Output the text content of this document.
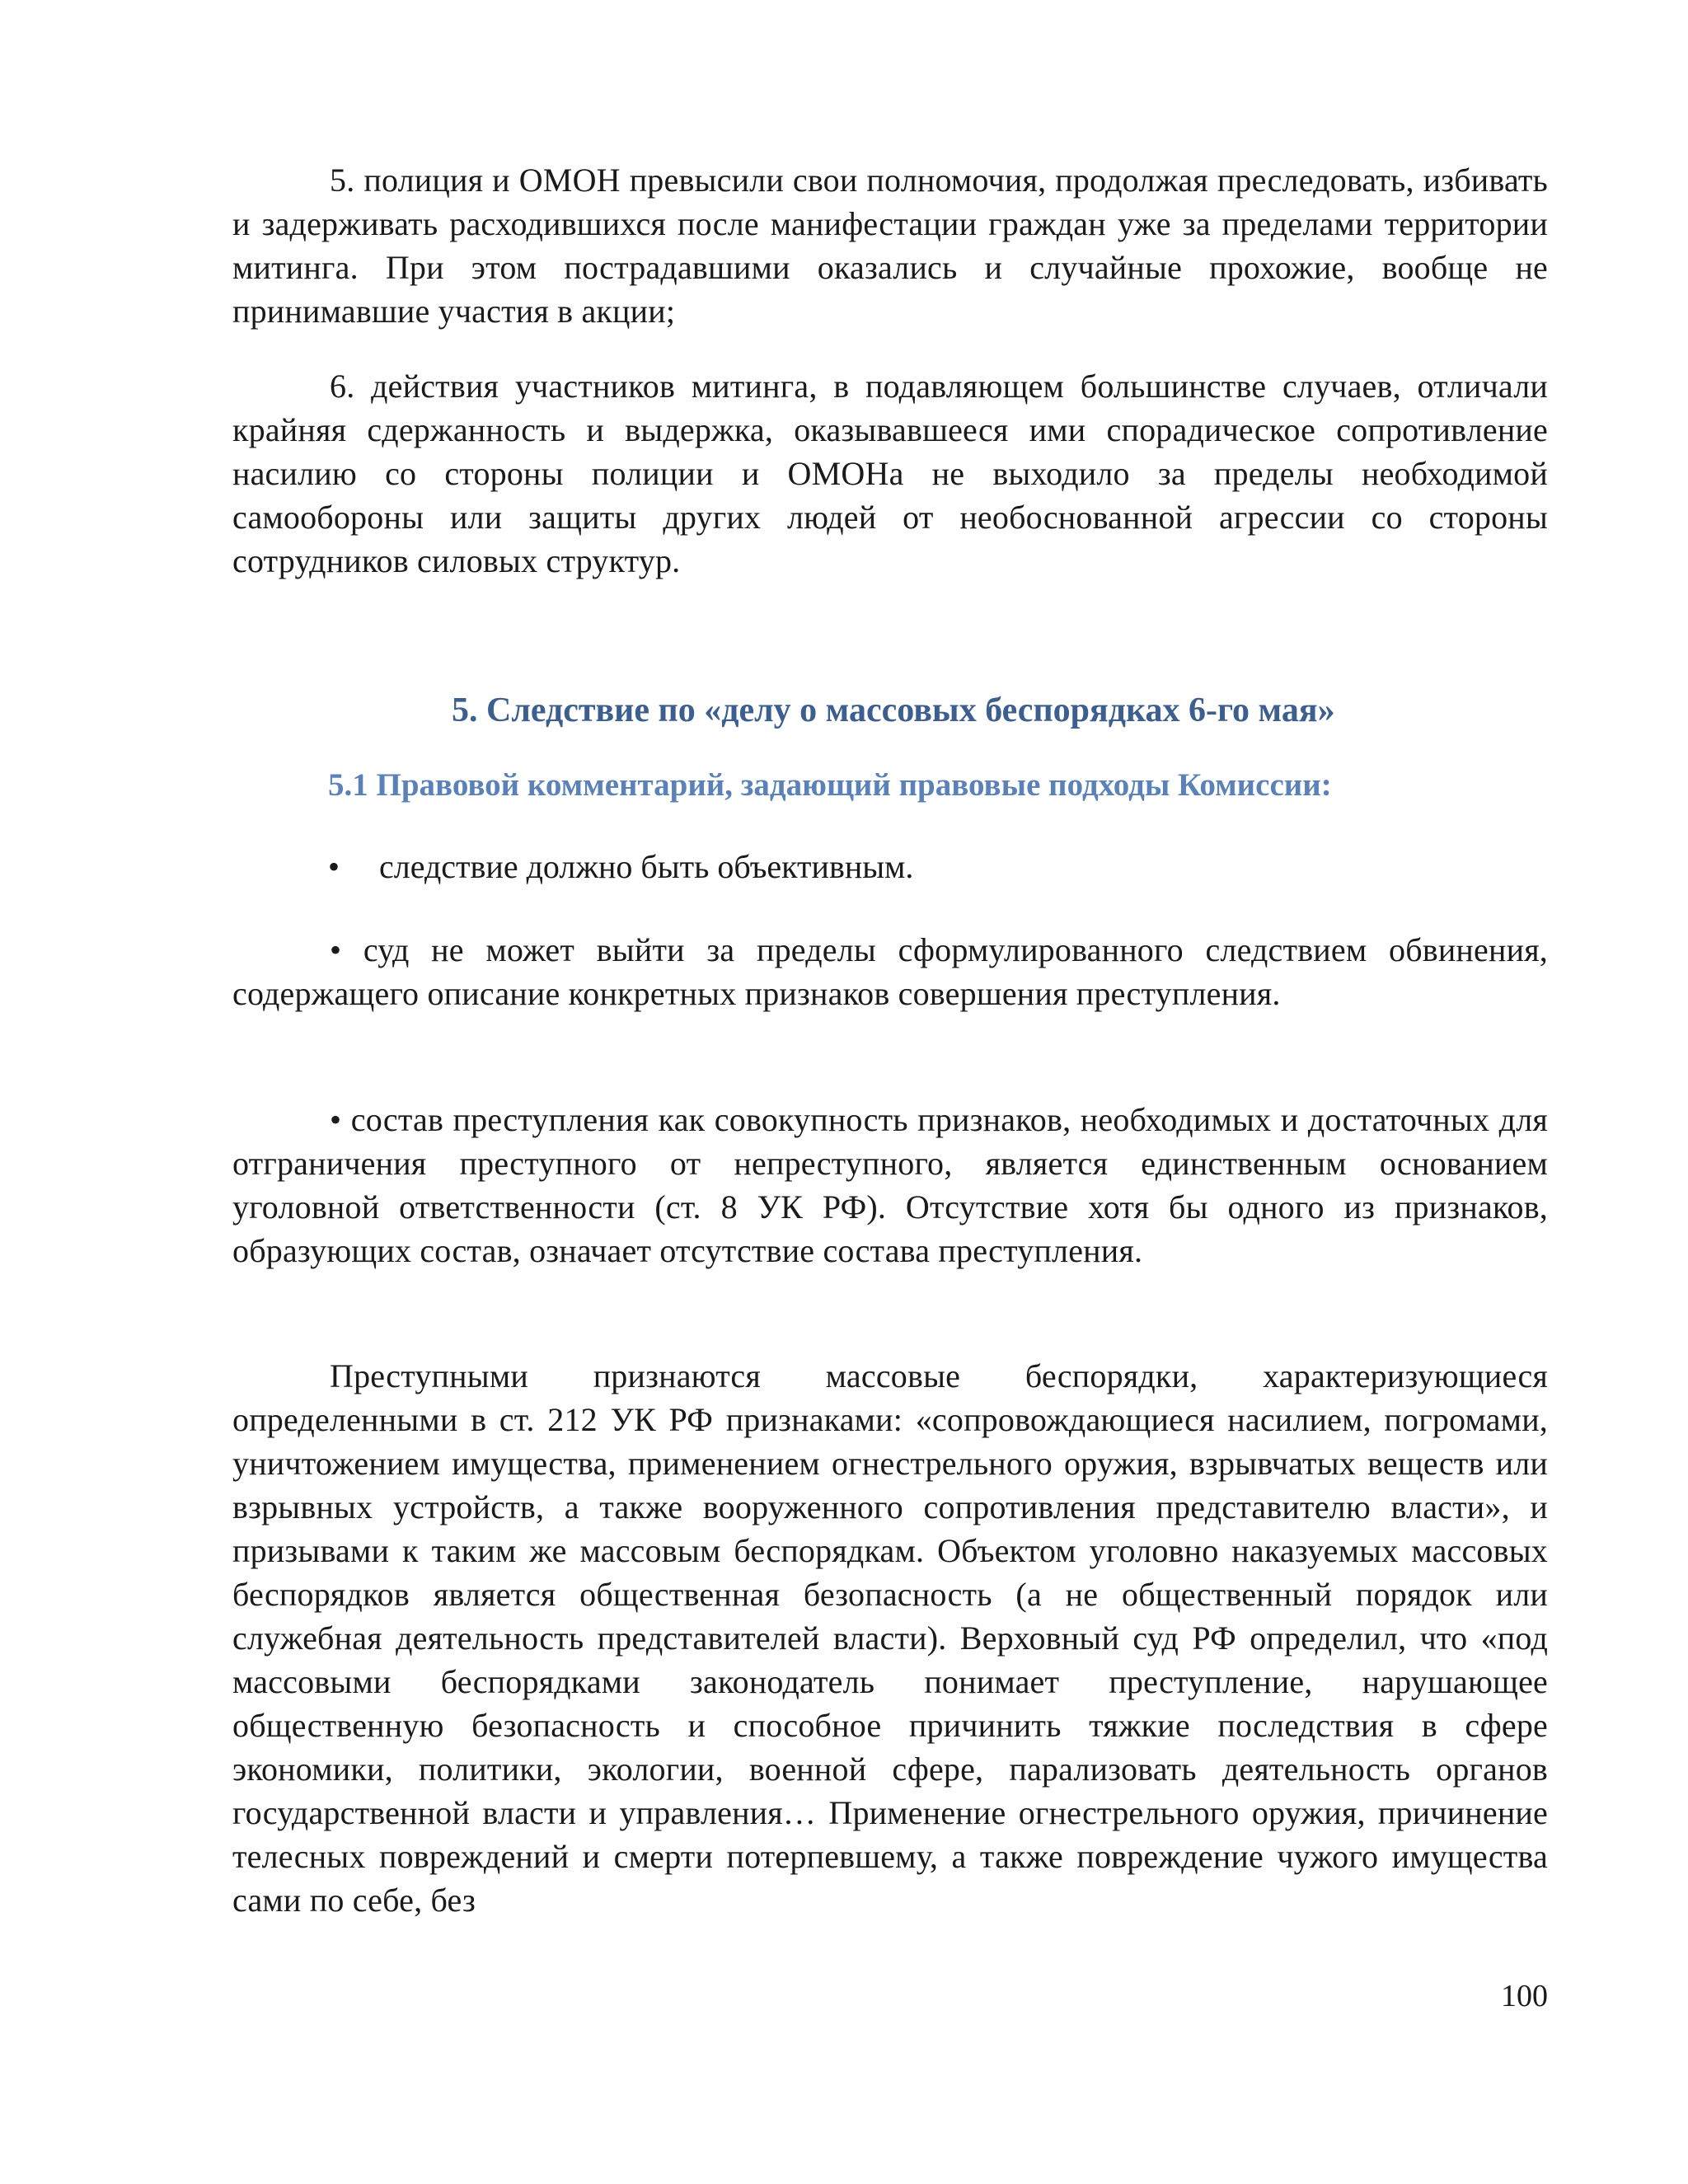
5. полиция и ОМОН превысили свои полномочия, продолжая преследовать, избивать и задерживать расходившихся после манифестации граждан уже за пределами территории митинга. При этом пострадавшими оказались и случайные прохожие, вообще не принимавшие участия в акции;

6. действия участников митинга, в подавляющем большинстве случаев, отличали крайняя сдержанность и выдержка, оказывавшееся ими спорадическое сопротивление насилию со стороны полиции и ОМОНа не выходило за пределы необходимой самообороны или защиты других людей от необоснованной агрессии со стороны сотрудников силовых структур.

5. Следствие по «делу о массовых беспорядках 6-го мая»
5.1 Правовой комментарий, задающий правовые подходы Комиссии:

• следствие должно быть объективным.

• суд не может выйти за пределы сформулированного следствием обвинения, содержащего описание конкретных признаков совершения преступления.

• состав преступления как совокупность признаков, необходимых и достаточных для отграничения преступного от непреступного, является единственным основанием уголовной ответственности (ст. 8 УК РФ). Отсутствие хотя бы одного из признаков, образующих состав, означает отсутствие состава преступления.

Преступными признаются массовые беспорядки, характеризующиеся определенными в ст. 212 УК РФ признаками: «сопровождающиеся насилием, погромами, уничтожением имущества, применением огнестрельного оружия, взрывчатых веществ или взрывных устройств, а также вооруженного сопротивления представителю власти», и призывами к таким же массовым беспорядкам. Объектом уголовно наказуемых массовых беспорядков является общественная безопасность (а не общественный порядок или служебная деятельность представителей власти). Верховный суд РФ определил, что «под массовыми беспорядками законодатель понимает преступление, нарушающее общественную безопасность и способное причинить тяжкие последствия в сфере экономики, политики, экологии, военной сфере, парализовать деятельность органов государственной власти и управления… Применение огнестрельного оружия, причинение телесных повреждений и смерти потерпевшему, а также повреждение чужого имущества сами по себе, без

100
